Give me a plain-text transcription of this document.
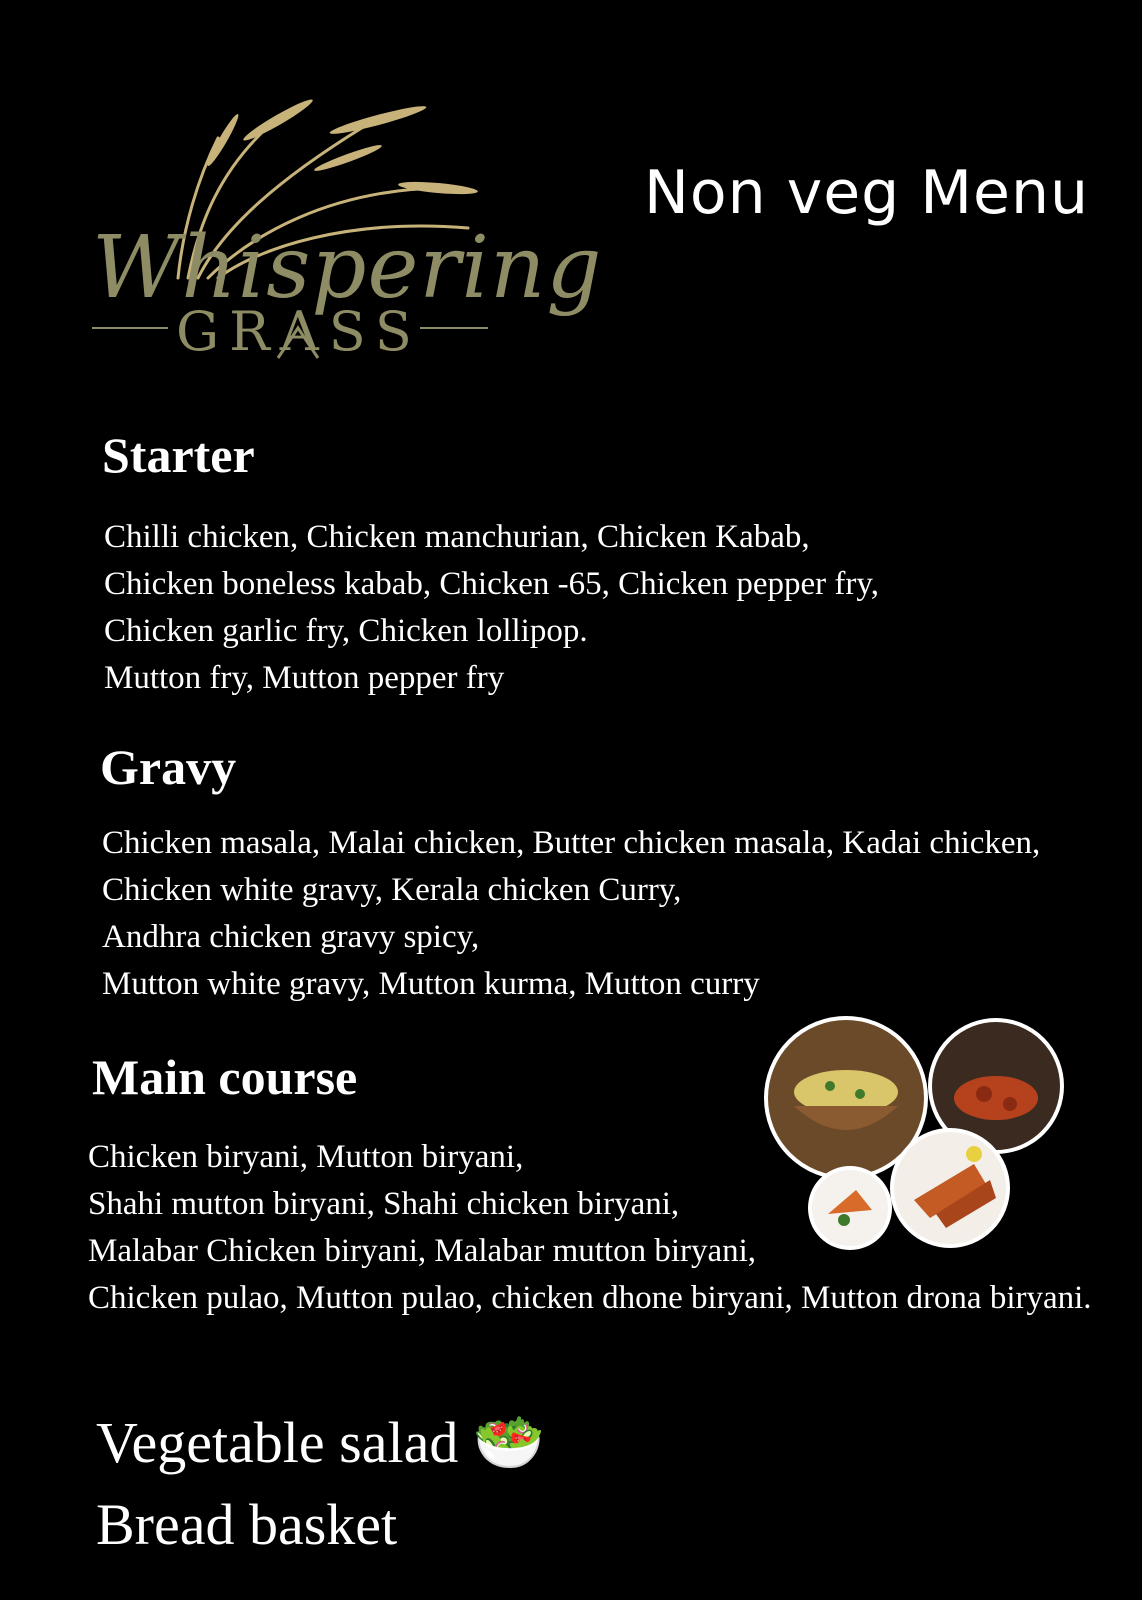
Whispering
GRASS
Non veg Menu
Starter
Chilli chicken, Chicken manchurian, Chicken Kabab,
Chicken boneless kabab, Chicken -65, Chicken pepper fry,
Chicken garlic fry, Chicken lollipop.
Mutton fry, Mutton pepper fry
Gravy
Chicken masala, Malai chicken, Butter chicken masala, Kadai chicken,
Chicken white gravy, Kerala chicken Curry,
Andhra chicken gravy spicy,
Mutton white gravy, Mutton kurma, Mutton curry
Main course
Chicken biryani, Mutton biryani,
Shahi mutton biryani, Shahi chicken biryani,
Malabar Chicken biryani, Malabar mutton biryani,
Chicken pulao, Mutton pulao, chicken dhone biryani, Mutton drona biryani.
Vegetable salad 🥗
Bread basket
